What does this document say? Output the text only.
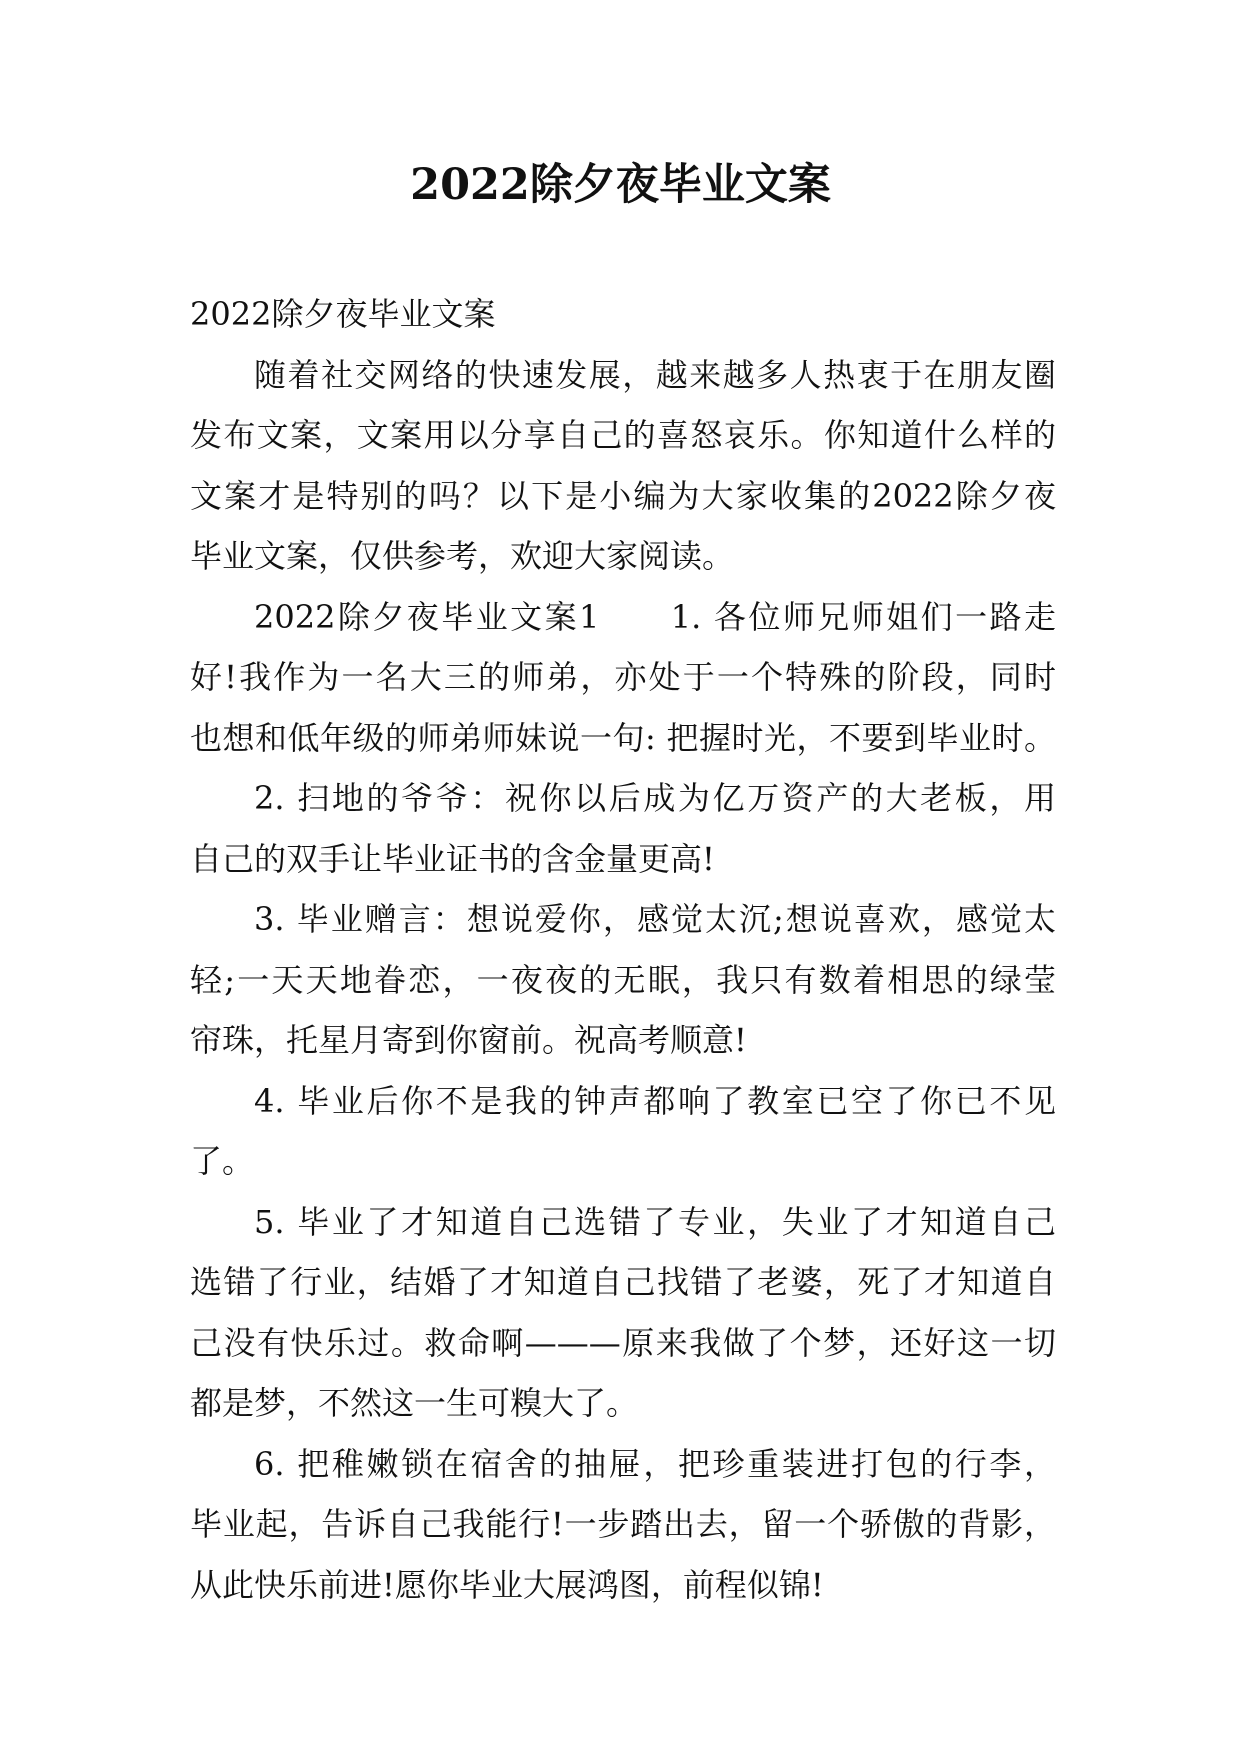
2022除夕夜毕业文案
2022除夕夜毕业文案
随着社交网络的快速发展，越来越多人热衷于在朋友圈
发布文案，文案用以分享自己的喜怒哀乐。你知道什么样的
文案才是特别的吗？以下是小编为大家收集的2022除夕夜
毕业文案，仅供参考，欢迎大家阅读。
2022除夕夜毕业文案1　　1. 各位师兄师姐们一路走
好!我作为一名大三的师弟，亦处于一个特殊的阶段，同时
也想和低年级的师弟师妹说一句: 把握时光，不要到毕业时。
2. 扫地的爷爷：祝你以后成为亿万资产的大老板，用
自己的双手让毕业证书的含金量更高!
3. 毕业赠言：想说爱你，感觉太沉;想说喜欢，感觉太
轻;一天天地眷恋，一夜夜的无眠，我只有数着相思的绿莹
帘珠，托星月寄到你窗前。祝高考顺意!
4. 毕业后你不是我的钟声都响了教室已空了你已不见
了。
5. 毕业了才知道自己选错了专业，失业了才知道自己
选错了行业，结婚了才知道自己找错了老婆，死了才知道自
己没有快乐过。救命啊———原来我做了个梦，还好这一切
都是梦，不然这一生可糗大了。
6. 把稚嫩锁在宿舍的抽屉，把珍重装进打包的行李，
毕业起，告诉自己我能行!一步踏出去，留一个骄傲的背影，
从此快乐前进!愿你毕业大展鸿图，前程似锦!
